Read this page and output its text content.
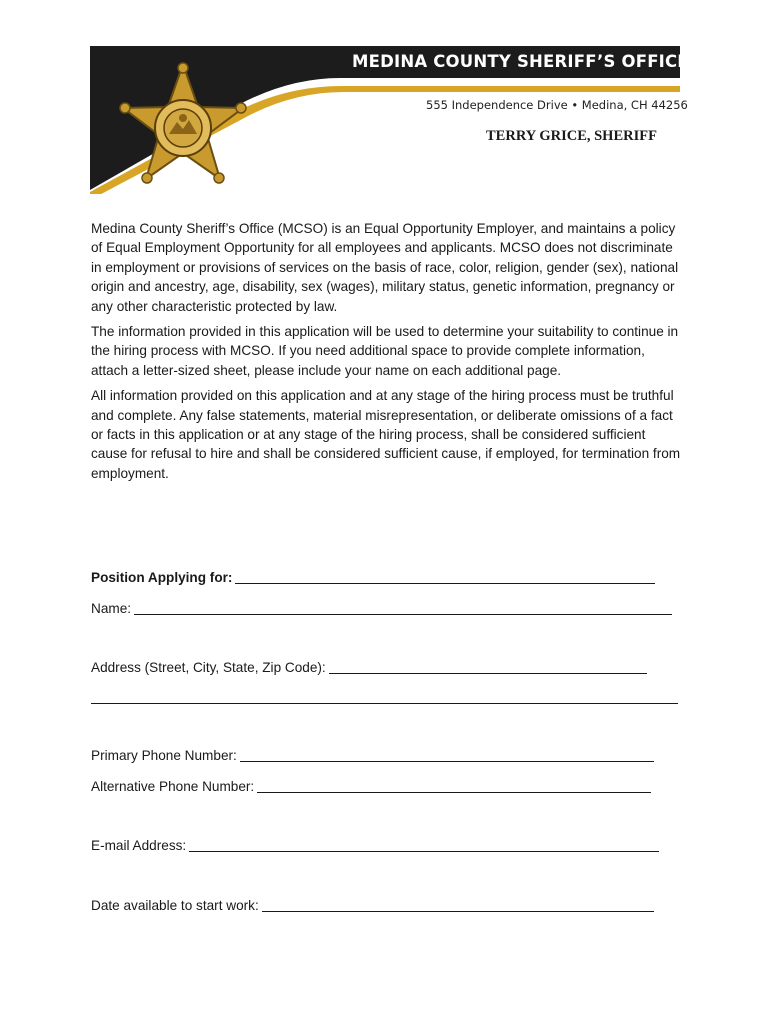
MEDINA COUNTY SHERIFF’S OFFICE
555 Independence Drive • Medina, CH 44256
TERRY GRICE, SHERIFF

Medina County Sheriff’s Office (MCSO) is an Equal Opportunity Employer, and maintains a policy of Equal Employment Opportunity for all employees and applicants. MCSO does not discriminate in employment or provisions of services on the basis of race, color, religion, gender (sex), national origin and ancestry, age, disability, sex (wages), military status, genetic information, pregnancy or any other characteristic protected by law.

The information provided in this application will be used to determine your suitability to continue in the hiring process with MCSO. If you need additional space to provide complete information, attach a letter-sized sheet, please include your name on each additional page.

All information provided on this application and at any stage of the hiring process must be truthful and complete. Any false statements, material misrepresentation, or deliberate omissions of a fact or facts in this application or at any stage of the hiring process, shall be considered sufficient cause for refusal to hire and shall be considered sufficient cause, if employed, for termination from employment.

Position Applying for:
Name:
Address (Street, City, State, Zip Code):
Primary Phone Number:
Alternative Phone Number:
E-mail Address:
Date available to start work:
